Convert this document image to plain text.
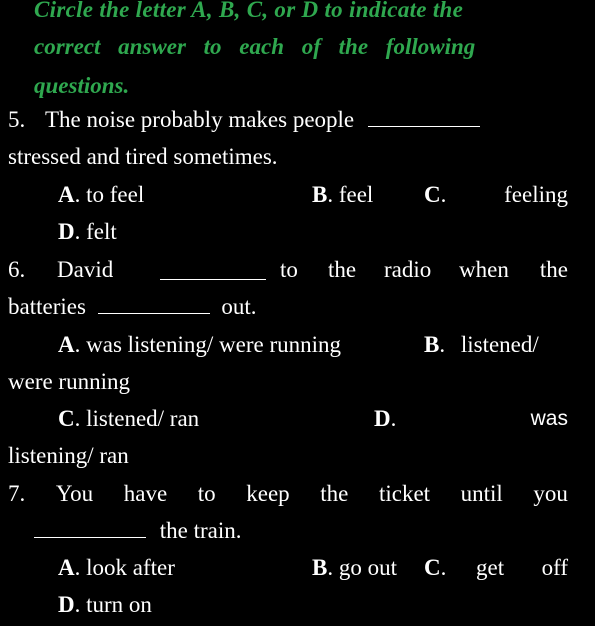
Circle the letter A, B, C, or D to indicate the
correct answer to each of the following
questions.
5. The noise probably makes people
stressed and tired sometimes.
A. to feel	B. feel C.	feeling
D. felt
6. David	to the radio when the
batteries	out.
A. was listening/ were running	B. listened/
were running
C. listened/ ran	D.	was
listening/ ran
7. You have to keep the ticket until you
the train.
A. look after	B. go out C. get off
D. turn on
